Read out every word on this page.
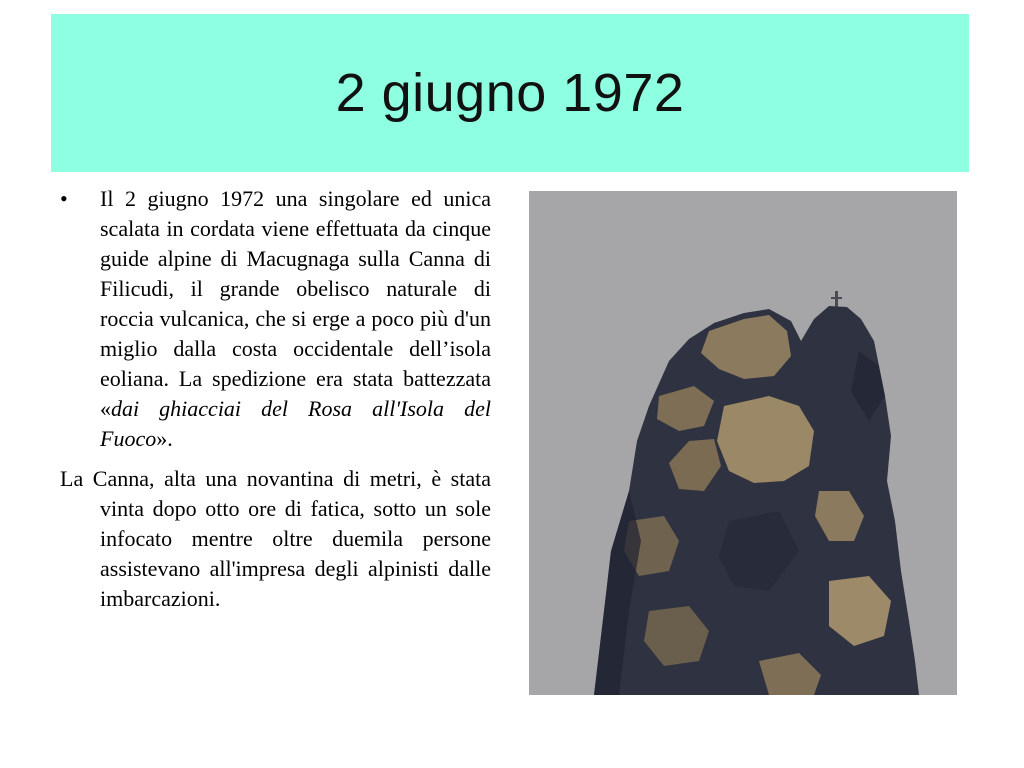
2 giugno 1972

• Il 2 giugno 1972 una singolare ed unica scalata in cordata viene effettuata da cinque guide alpine di Macugnaga sulla Canna di Filicudi, il grande obelisco naturale di roccia vulcanica, che si erge a poco più d'un miglio dalla costa occidentale dell’isola eoliana. La spedizione era stata battezzata «dai ghiacciai del Rosa all'Isola del Fuoco».

La Canna, alta una novantina di metri, è stata vinta dopo otto ore di fatica, sotto un sole infocato mentre oltre duemila persone assistevano all'impresa degli alpinisti dalle imbarcazioni.
